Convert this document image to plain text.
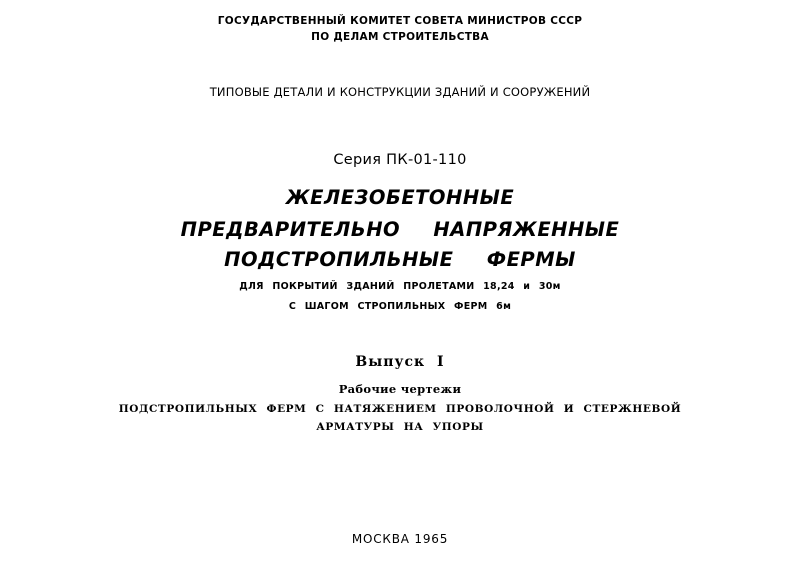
ГОСУДАРСТВЕННЫЙ КОМИТЕТ СОВЕТА МИНИСТРОВ СССР

ПО ДЕЛАМ СТРОИТЕЛЬСТВА

ТИПОВЫЕ ДЕТАЛИ И КОНСТРУКЦИИ ЗДАНИЙ И СООРУЖЕНИЙ

Серия ПК-01-110

ЖЕЛЕЗОБЕТОННЫЕ

ПРЕДВАРИТЕЛЬНО НАПРЯЖЕННЫЕ

ПОДСТРОПИЛЬНЫЕ ФЕРМЫ

ДЛЯ ПОКРЫТИЙ ЗДАНИЙ ПРОЛЕТАМИ 18,24 и 30м

С ШАГОМ СТРОПИЛЬНЫХ ФЕРМ 6м

Выпуск I

Рабочие чертежи

ПОДСТРОПИЛЬНЫХ ФЕРМ С НАТЯЖЕНИЕМ ПРОВОЛОЧНОЙ И СТЕРЖНЕВОЙ

АРМАТУРЫ НА УПОРЫ

МОСКВА 1965
